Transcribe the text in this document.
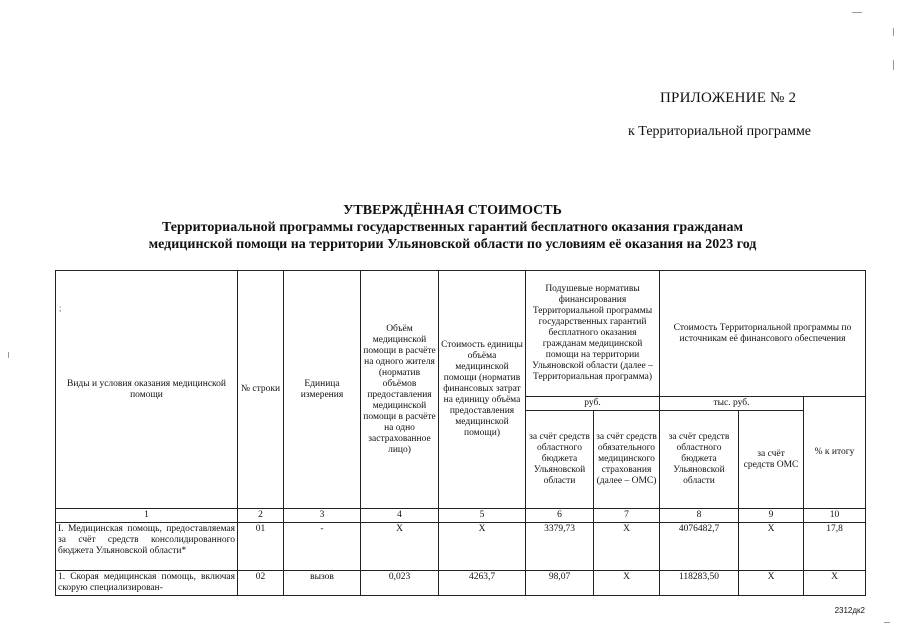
ПРИЛОЖЕНИЕ № 2
к Территориальной программе
УТВЕРЖДЁННАЯ СТОИМОСТЬ
Территориальной программы государственных гарантий бесплатного оказания гражданам
медицинской помощи на территории Ульяновской области по условиям её оказания на 2023 год
;
Виды и условия оказания медицинской помощи	№ строки	Единица измерения	Объём медицинской помощи в расчёте на одного жителя (норматив объёмов предоставления медицинской помощи в расчёте на одно застрахованное лицо)	Стоимость единицы объёма медицинской помощи (норматив финансовых затрат на единицу объёма предоставления медицинской помощи)	Подушевые нормативы финансирования Территориальной программы государственных гарантий бесплатного оказания гражданам медицинской помощи на территории Ульяновской области (далее – Территориальная программа)		Стоимость Территориальной программы по источникам её финансового обеспечения		
					руб.		тыс. руб.		% к итогу
					за счёт средств областного бюджета Ульяновской области	за счёт средств обязательного медицинского страхования (далее – ОМС)	за счёт средств областного бюджета Ульяновской области	за счёт средств ОМС	
1	2	3	4	5	6	7	8	9	10
I. Медицинская помощь, предоставляемая за счёт средств консолидированного бюджета Ульяновской области*	01	-	X	X	3379,73	X	4076482,7	X	17,8
1. Скорая медицинская помощь, включая скорую специализирован-	02	вызов	0,023	4263,7	98,07	X	118283,50	X	X
2312дк2
